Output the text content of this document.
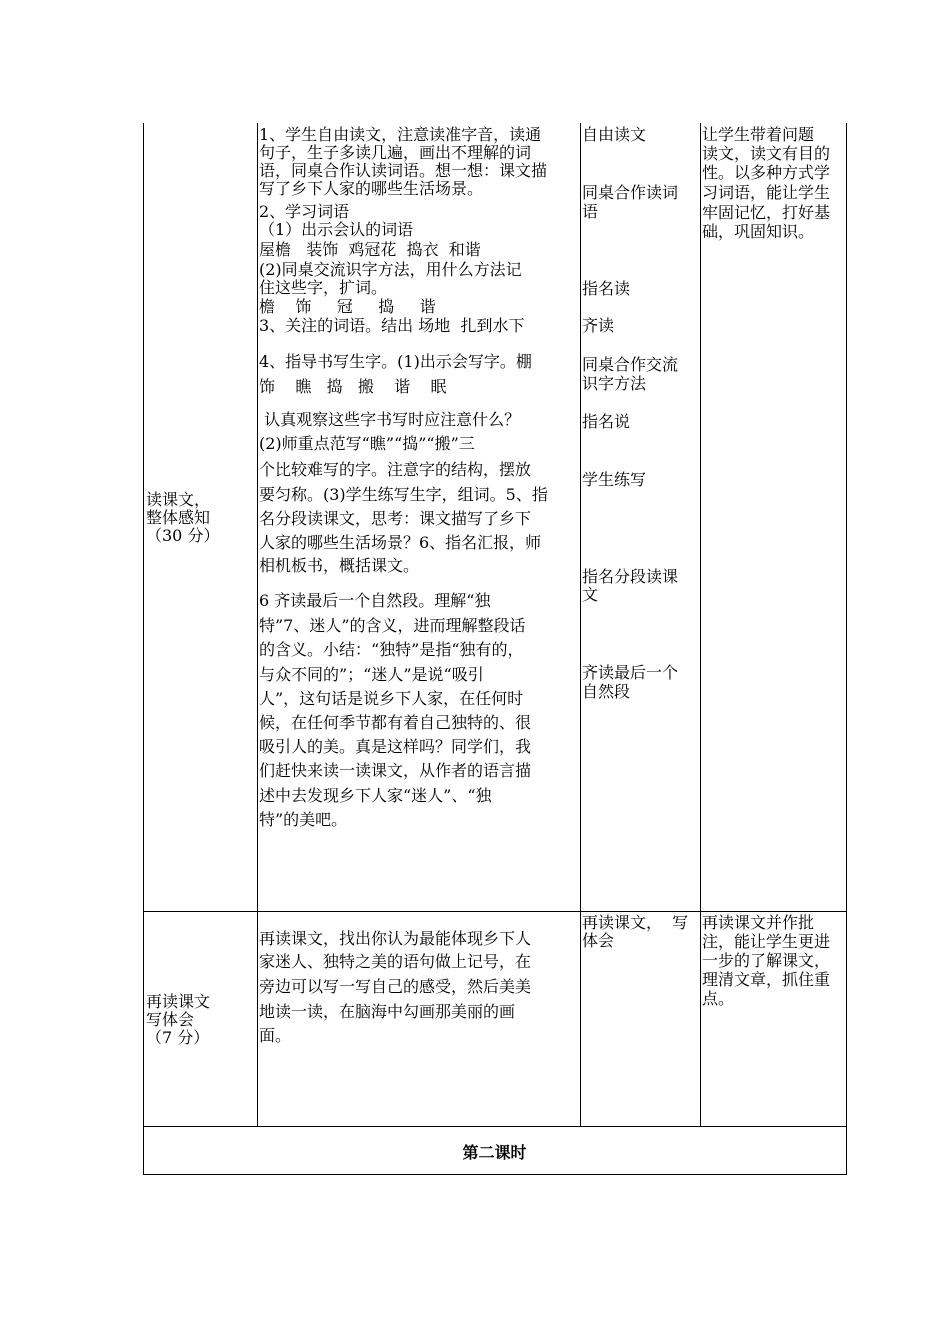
读课文，
整体感知
（30 分）
1、学生自由读文，注意读准字音，读通
句子，生子多读几遍，画出不理解的词
语，同桌合作认读词语。想一想：课文描
写了乡下人家的哪些生活场景。
2、学习词语
（1）出示会认的词语
屋檐   装饰  鸡冠花  捣衣  和谐
(2)同桌交流识字方法，用什么方法记
住这些字，扩词。
檐    饰     冠     捣     谐
3、关注的词语。结出 场地  扎到水下
4、指导书写生字。(1)出示会写字。棚
饰    瞧   捣   搬    谐    眠
认真观察这些字书写时应注意什么？
(2)师重点范写“瞧”“捣”“搬”三
个比较难写的字。注意字的结构，摆放
要匀称。(3)学生练写生字，组词。5、指
名分段读课文，思考：课文描写了乡下
人家的哪些生活场景？6、指名汇报，师
相机板书，概括课文。
6 齐读最后一个自然段。理解“独
特”7、迷人”的含义，进而理解整段话
的含义。小结：“独特”是指“独有的，
与众不同的”；“迷人”是说“吸引
人”，这句话是说乡下人家，在任何时
候，在任何季节都有着自己独特的、很
吸引人的美。真是这样吗？同学们，我
们赶快来读一读课文，从作者的语言描
述中去发现乡下人家“迷人”、“独
特”的美吧。
自由读文
同桌合作读词
语
指名读
齐读
同桌合作交流
识字方法
指名说
学生练写
指名分段读课
文
齐读最后一个
自然段
让学生带着问题
读文，读文有目的
性。以多种方式学
习词语，能让学生
牢固记忆，打好基
础，巩固知识。
再读课文
写体会
（7 分）
再读课文，找出你认为最能体现乡下人
家迷人、独特之美的语句做上记号，在
旁边可以写一写自己的感受，然后美美
地读一读，在脑海中勾画那美丽的画
面。
再读课文，  写
体会
再读课文并作批
注，能让学生更进
一步的了解课文，
理清文章，抓住重
点。
第二课时
